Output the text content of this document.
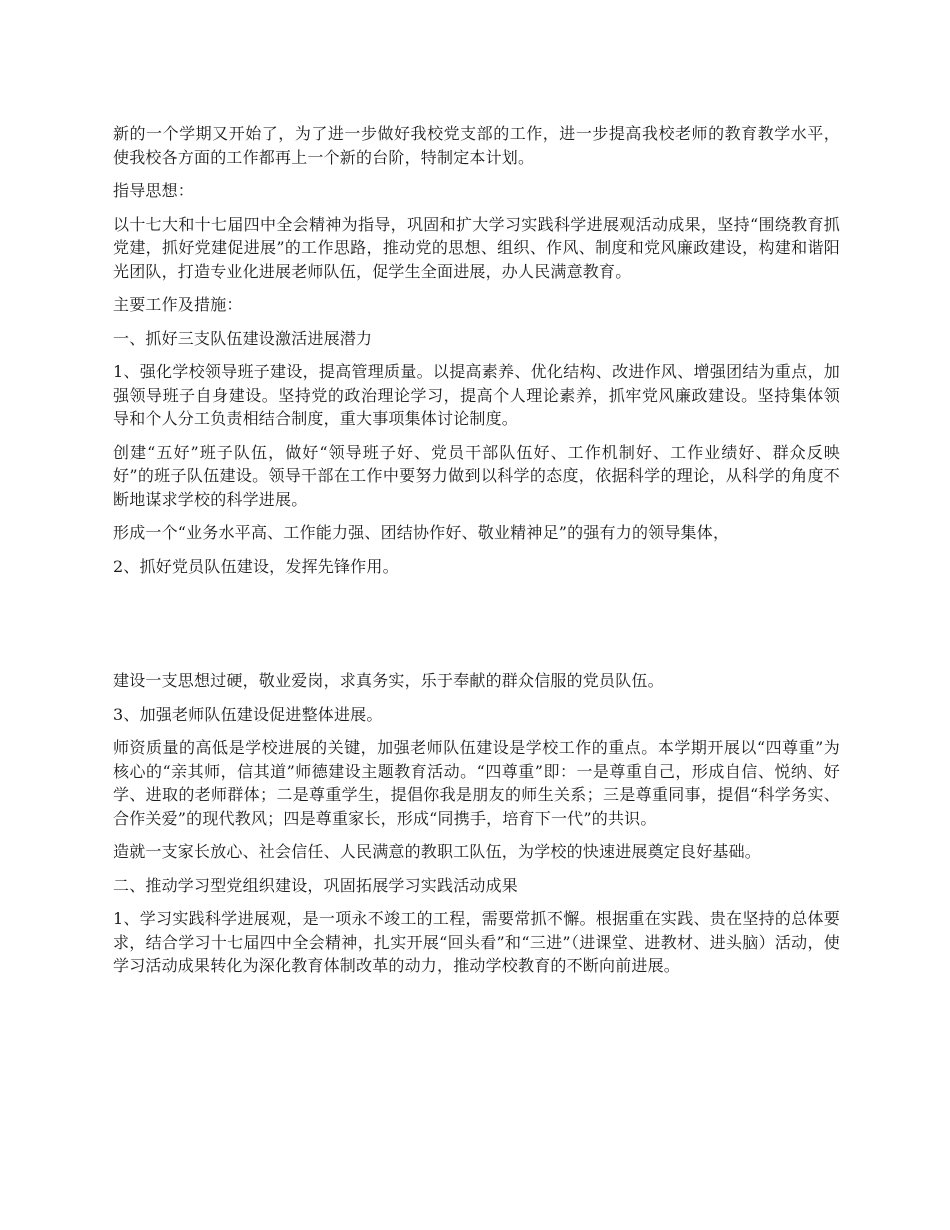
新的一个学期又开始了，为了进一步做好我校党支部的工作，进一步提高我校老师的教育教学水平，使我校各方面的工作都再上一个新的台阶，特制定本计划。

指导思想：

以十七大和十七届四中全会精神为指导，巩固和扩大学习实践科学进展观活动成果，坚持“围绕教育抓党建，抓好党建促进展”的工作思路，推动党的思想、组织、作风、制度和党风廉政建设，构建和谐阳光团队，打造专业化进展老师队伍，促学生全面进展，办人民满意教育。

主要工作及措施：

一、抓好三支队伍建设激活进展潜力

1、强化学校领导班子建设，提高管理质量。以提高素养、优化结构、改进作风、增强团结为重点，加强领导班子自身建设。坚持党的政治理论学习，提高个人理论素养，抓牢党风廉政建设。坚持集体领导和个人分工负责相结合制度，重大事项集体讨论制度。

创建“五好”班子队伍，做好“领导班子好、党员干部队伍好、工作机制好、工作业绩好、群众反映好”的班子队伍建设。领导干部在工作中要努力做到以科学的态度，依据科学的理论，从科学的角度不断地谋求学校的科学进展。

形成一个“业务水平高、工作能力强、团结协作好、敬业精神足”的强有力的领导集体，

2、抓好党员队伍建设，发挥先锋作用。

建设一支思想过硬，敬业爱岗，求真务实，乐于奉献的群众信服的党员队伍。

3、加强老师队伍建设促进整体进展。

师资质量的高低是学校进展的关键，加强老师队伍建设是学校工作的重点。本学期开展以“四尊重”为核心的“亲其师，信其道”师德建设主题教育活动。“四尊重”即：一是尊重自己，形成自信、悦纳、好学、进取的老师群体；二是尊重学生，提倡你我是朋友的师生关系；三是尊重同事，提倡“科学务实、合作关爱”的现代教风；四是尊重家长，形成“同携手，培育下一代”的共识。

造就一支家长放心、社会信任、人民满意的教职工队伍，为学校的快速进展奠定良好基础。

二、推动学习型党组织建设，巩固拓展学习实践活动成果

1、学习实践科学进展观，是一项永不竣工的工程，需要常抓不懈。根据重在实践、贵在坚持的总体要求，结合学习十七届四中全会精神，扎实开展“回头看”和“三进”（进课堂、进教材、进头脑）活动，使学习活动成果转化为深化教育体制改革的动力，推动学校教育的不断向前进展。
